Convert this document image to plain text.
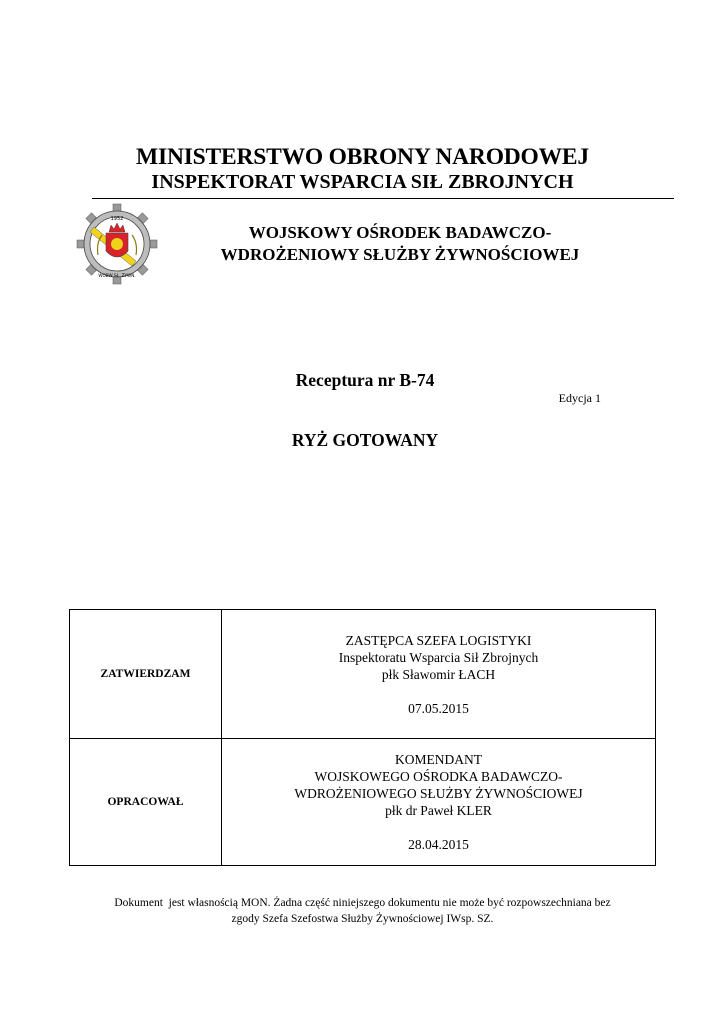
MINISTERSTWO OBRONY NARODOWEJ
INSPEKTORAT WSPARCIA SIŁ ZBROJNYCH
1952
WOBW SŁ. ŻYWN.
WOJSKOWY OŚRODEK BADAWCZO-
WDROŻENIOWY SŁUŻBY ŻYWNOŚCIOWEJ
Receptura nr B-74
Edycja 1
RYŻ GOTOWANY
ZATWIERDZAM
ZASTĘPCA SZEFA LOGISTYKI
Inspektoratu Wsparcia Sił Zbrojnych
płk Sławomir ŁACH
07.05.2015
OPRACOWAŁ
KOMENDANT
WOJSKOWEGO OŚRODKA BADAWCZO-
WDROŻENIOWEGO SŁUŻBY ŻYWNOŚCIOWEJ
płk dr Paweł KLER
28.04.2015
Dokument  jest własnością MON. Żadna część niniejszego dokumentu nie może być rozpowszechniana bez
zgody Szefa Szefostwa Służby Żywnościowej IWsp. SZ.
